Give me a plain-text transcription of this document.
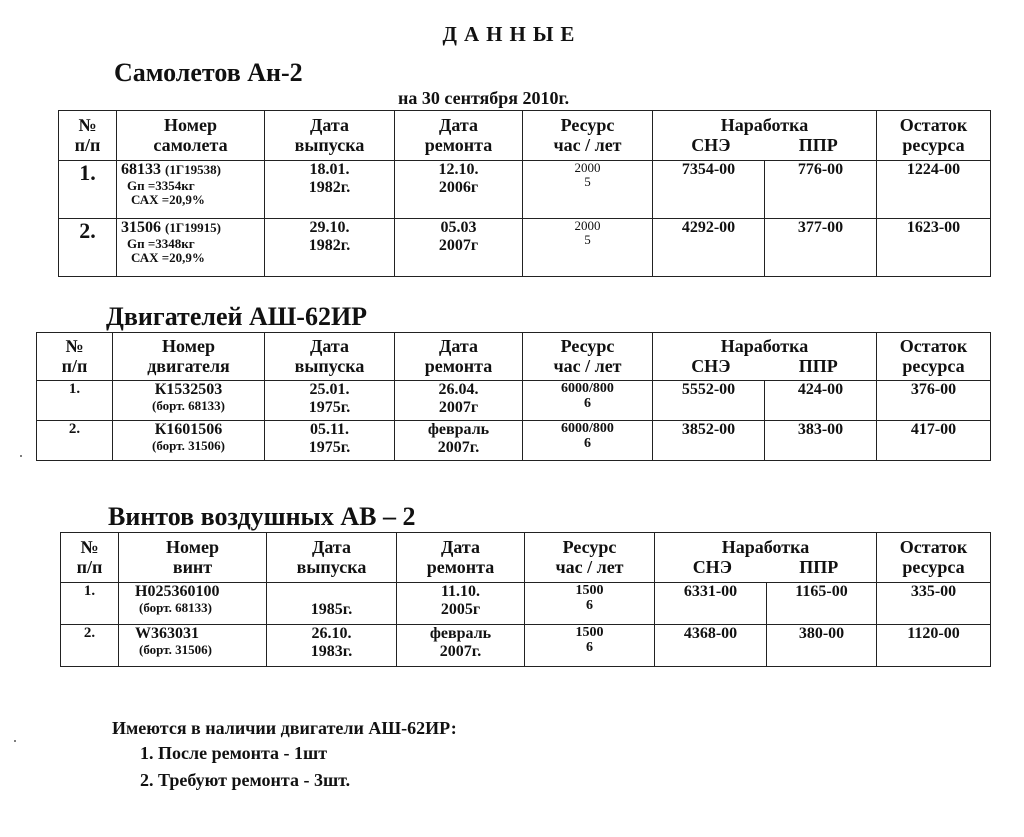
ДАННЫЕ
Самолетов Ан-2
на 30 сентября 2010г.
№
п/п	Номер
самолета	Дата
выпуска	Дата
ремонта	Ресурс
час / лет	Наработка
СНЭ ППР		Остаток
ресурса

1.	68133 (1Г19538)
Gп =3354кг
САХ =20,9%	18.01.
1982г.	12.10.
2006г	2000
5	7354-00	776-00	1224-00
2.	31506 (1Г19915)
Gп =3348кг
САХ =20,9%	29.10.
1982г.	05.03
2007г	2000
5	4292-00	377-00	1623-00
Двигателей АШ-62ИР
№
п/п	Номер
двигателя	Дата
выпуска	Дата
ремонта	Ресурс
час / лет	Наработка
СНЭ ППР		Остаток
ресурса

1.	К1532503
(борт. 68133)	25.01.
1975г.	26.04.
2007г	6000/800
6	5552-00	424-00	376-00
2.	К1601506
(борт. 31506)	05.11.
1975г.	февраль
2007г.	6000/800
6	3852-00	383-00	417-00
Винтов воздушных АВ – 2
№
п/п	Номер
винт	Дата
выпуска	Дата
ремонта	Ресурс
час / лет	Наработка
СНЭ ППР		Остаток
ресурса

1.	Н025360100
(борт. 68133)	1985г.	11.10.
2005г	1500
6	6331-00	1165-00	335-00
2.	W363031
(борт. 31506)	26.10.
1983г.	февраль
2007г.	1500
6	4368-00	380-00	1120-00
Имеются в наличии двигатели АШ-62ИР:
1. После ремонта - 1шт
2. Требуют ремонта - 3шт.
